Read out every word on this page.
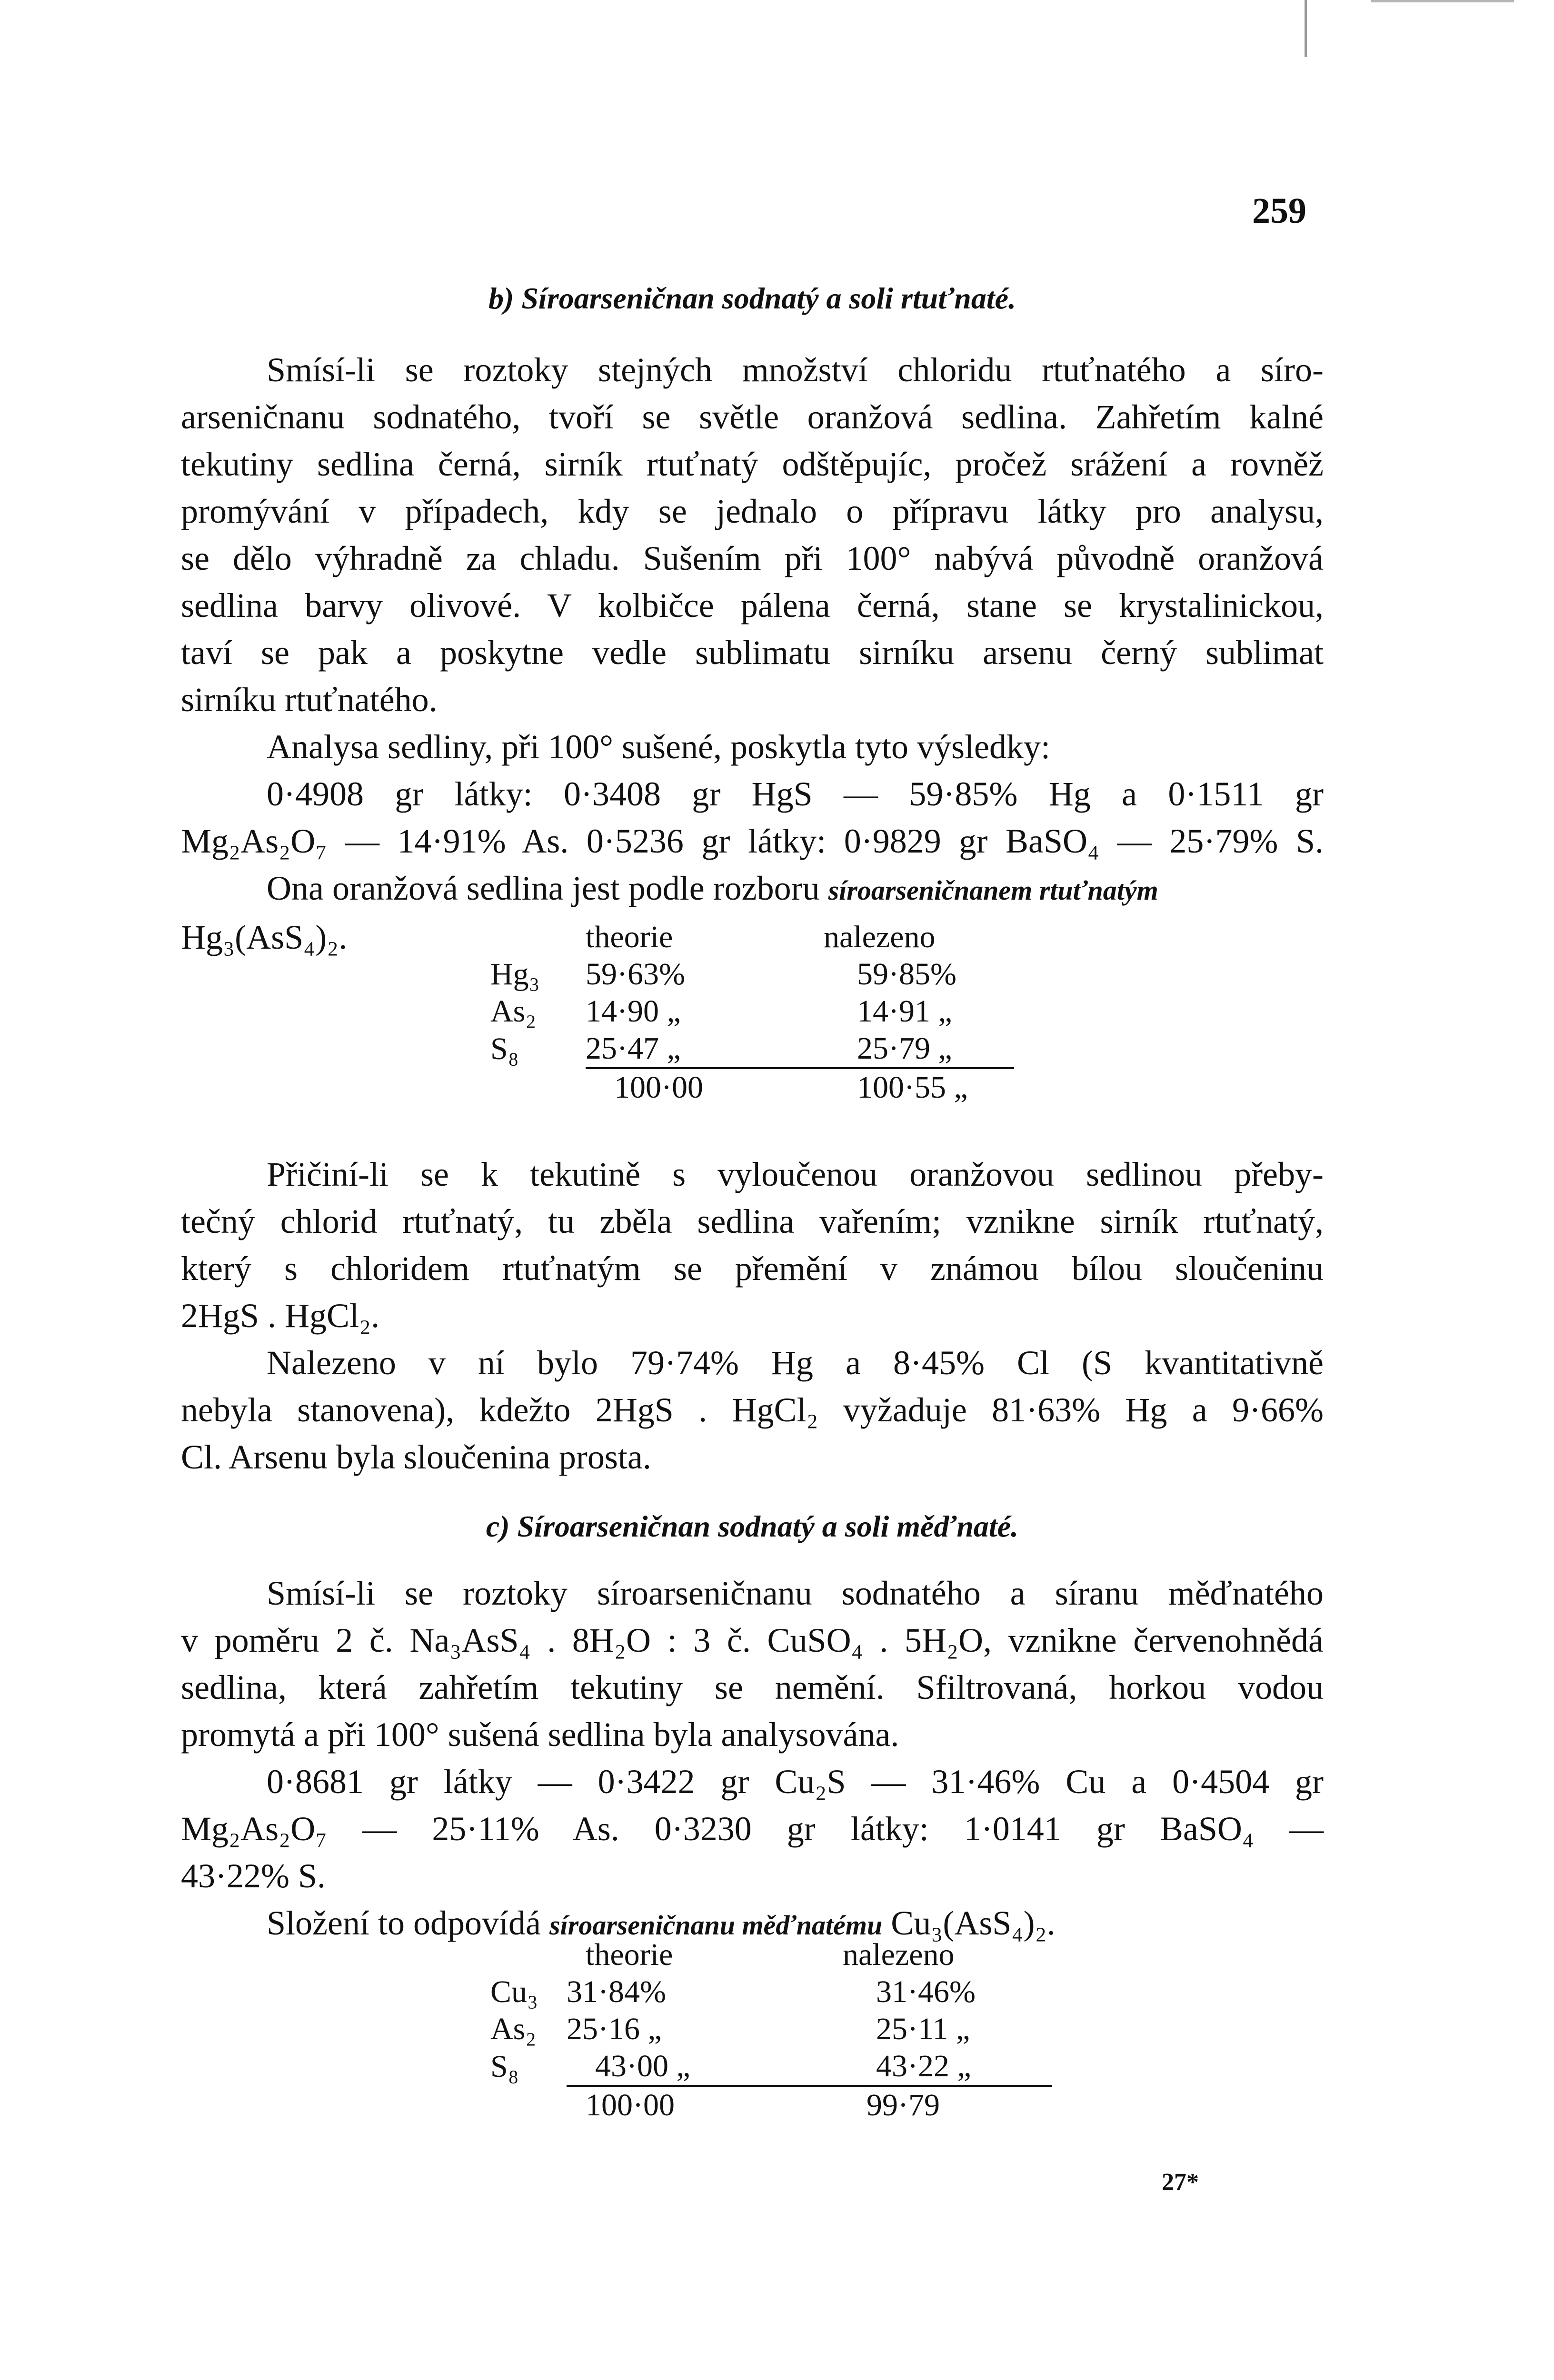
259
b) Síroarseničnan sodnatý a soli rtuťnaté.

Smísí-li se roztoky stejných množství chloridu rtuťnatého a síro-

arseničnanu sodnatého, tvoří se světle oranžová sedlina. Zahřetím kalné

tekutiny sedlina černá, sirník rtuťnatý odštěpujíc, pročež srážení a rovněž

promývání v případech, kdy se jednalo o přípravu látky pro analysu,

se dělo výhradně za chladu. Sušením při 100° nabývá původně oranžová

sedlina barvy olivové. V kolbičce pálena černá, stane se krystalinickou,

taví se pak a poskytne vedle sublimatu sirníku arsenu černý sublimat

sirníku rtuťnatého.

Analysa sedliny, při 100° sušené, poskytla tyto výsledky:

0·4908 gr látky: 0·3408 gr HgS — 59·85% Hg a 0·1511 gr

Mg₂As₂O₇ — 14·91% As. 0·5236 gr látky: 0·9829 gr BaSO₄ — 25·79% S.

Ona oranžová sedlina jest podle rozboru síroarseničnanem rtuťnatým

Hg₃(AsS₄)₂.

		theorie		nalezeno
Hg₃	59·63%		59·85%
As₂	14·90 „		14·91 „
S₈	25·47 „		25·79 „
	100·00		100·55 „

Přičiní-li se k tekutině s vyloučenou oranžovou sedlinou přeby-

tečný chlorid rtuťnatý, tu zběla sedlina vařením; vznikne sirník rtuťnatý,

který s chloridem rtuťnatým se přemění v známou bílou sloučeninu

2HgS . HgCl₂.

Nalezeno v ní bylo 79·74% Hg a 8·45% Cl (S kvantitativně

nebyla stanovena), kdežto 2HgS . HgCl₂ vyžaduje 81·63% Hg a 9·66%

Cl. Arsenu byla sloučenina prosta.

c) Síroarseničnan sodnatý a soli měďnaté.

Smísí-li se roztoky síroarseničnanu sodnatého a síranu měďnatého

v poměru 2 č. Na₃AsS₄ . 8H₂O : 3 č. CuSO₄ . 5H₂O, vznikne červenohnědá

sedlina, která zahřetím tekutiny se nemění. Sfiltrovaná, horkou vodou

promytá a při 100° sušená sedlina byla analysována.

0·8681 gr látky — 0·3422 gr Cu₂S — 31·46% Cu a 0·4504 gr

Mg₂As₂O₇ — 25·11% As. 0·3230 gr látky: 1·0141 gr BaSO₄ —

43·22% S.

Složení to odpovídá síroarseničnanu měďnatému Cu₃(AsS₄)₂.

	theorie		nalezeno
Cu₃	31·84%		31·46%
As₂	25·16 „		25·11 „
S₈	43·00 „		43·22 „
	100·00		99·79
27*
